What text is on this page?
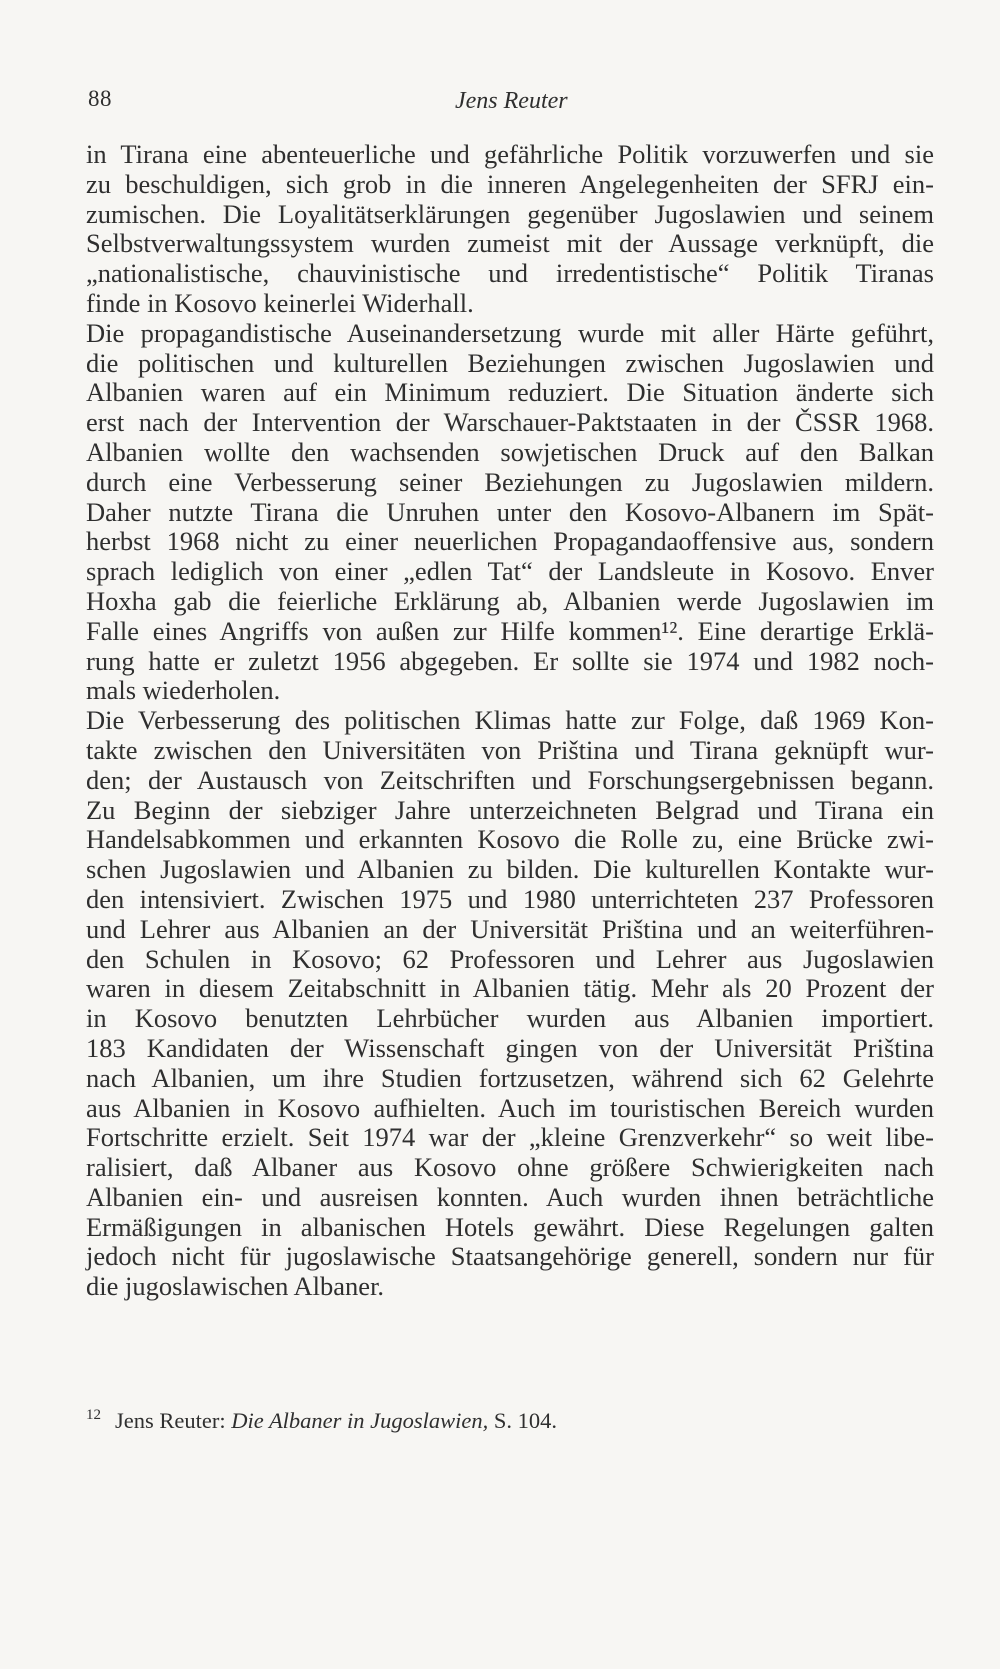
88	Jens Reuter
in Tirana eine abenteuerliche und gefährliche Politik vorzuwerfen und sie
zu beschuldigen, sich grob in die inneren Angelegenheiten der SFRJ ein-
zumischen. Die Loyalitätserklärungen gegenüber Jugoslawien und seinem
Selbstverwaltungssystem wurden zumeist mit der Aussage verknüpft, die
„nationalistische, chauvinistische und irredentistische“ Politik Tiranas
finde in Kosovo keinerlei Widerhall.
Die propagandistische Auseinandersetzung wurde mit aller Härte geführt,
die politischen und kulturellen Beziehungen zwischen Jugoslawien und
Albanien waren auf ein Minimum reduziert. Die Situation änderte sich
erst nach der Intervention der Warschauer-Paktstaaten in der ČSSR 1968.
Albanien wollte den wachsenden sowjetischen Druck auf den Balkan
durch eine Verbesserung seiner Beziehungen zu Jugoslawien mildern.
Daher nutzte Tirana die Unruhen unter den Kosovo-Albanern im Spät-
herbst 1968 nicht zu einer neuerlichen Propagandaoffensive aus, sondern
sprach lediglich von einer „edlen Tat“ der Landsleute in Kosovo. Enver
Hoxha gab die feierliche Erklärung ab, Albanien werde Jugoslawien im
Falle eines Angriffs von außen zur Hilfe kommen¹². Eine derartige Erklä-
rung hatte er zuletzt 1956 abgegeben. Er sollte sie 1974 und 1982 noch-
mals wiederholen.
Die Verbesserung des politischen Klimas hatte zur Folge, daß 1969 Kon-
takte zwischen den Universitäten von Priština und Tirana geknüpft wur-
den; der Austausch von Zeitschriften und Forschungsergebnissen begann.
Zu Beginn der siebziger Jahre unterzeichneten Belgrad und Tirana ein
Handelsabkommen und erkannten Kosovo die Rolle zu, eine Brücke zwi-
schen Jugoslawien und Albanien zu bilden. Die kulturellen Kontakte wur-
den intensiviert. Zwischen 1975 und 1980 unterrichteten 237 Professoren
und Lehrer aus Albanien an der Universität Priština und an weiterführen-
den Schulen in Kosovo; 62 Professoren und Lehrer aus Jugoslawien
waren in diesem Zeitabschnitt in Albanien tätig. Mehr als 20 Prozent der
in Kosovo benutzten Lehrbücher wurden aus Albanien importiert.
183 Kandidaten der Wissenschaft gingen von der Universität Priština
nach Albanien, um ihre Studien fortzusetzen, während sich 62 Gelehrte
aus Albanien in Kosovo aufhielten. Auch im touristischen Bereich wurden
Fortschritte erzielt. Seit 1974 war der „kleine Grenzverkehr“ so weit libe-
ralisiert, daß Albaner aus Kosovo ohne größere Schwierigkeiten nach
Albanien ein- und ausreisen konnten. Auch wurden ihnen beträchtliche
Ermäßigungen in albanischen Hotels gewährt. Diese Regelungen galten
jedoch nicht für jugoslawische Staatsangehörige generell, sondern nur für
die jugoslawischen Albaner.
$^{12}$ Jens Reuter: Die Albaner in Jugoslawien, S. 104.
